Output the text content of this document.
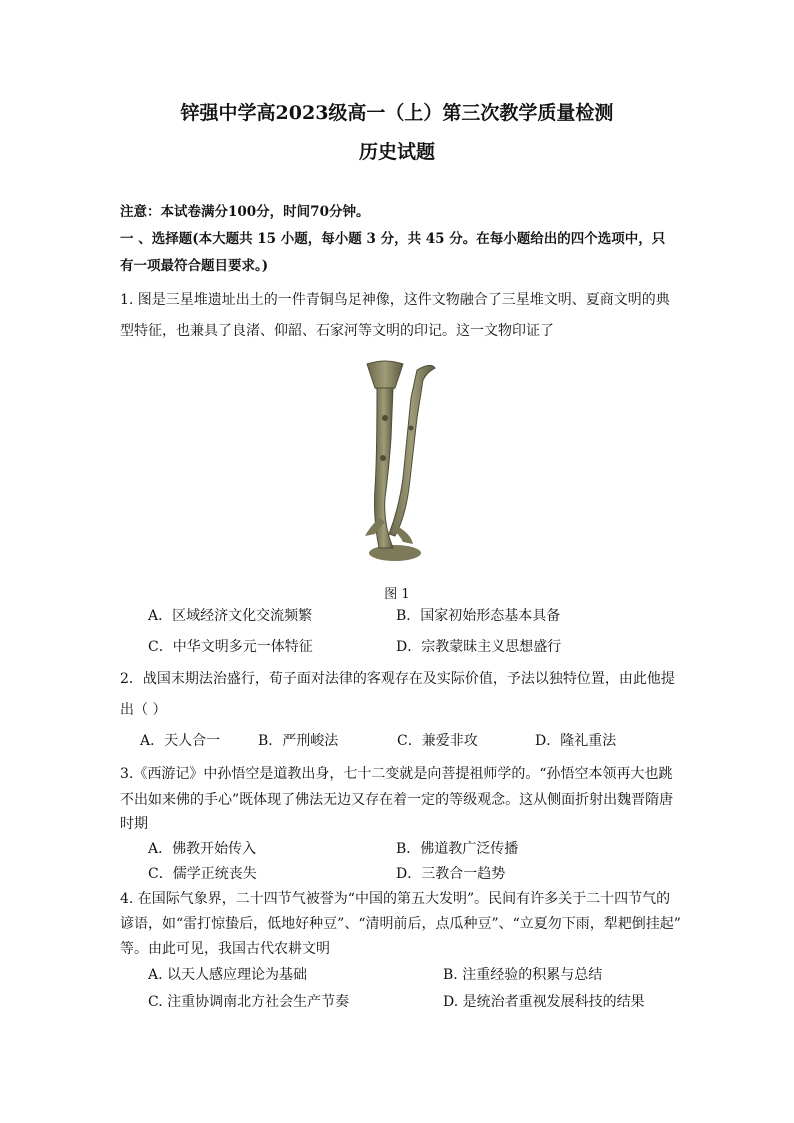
锌强中学高2023级高一（上）第三次教学质量检测
历史试题
注意：本试卷满分100分，时间70分钟。
一 、选择题(本大题共 15 小题，每小题 3 分，共 45 分。在每小题给出的四个选项中，只
有一项最符合题目要求。)
1. 图是三星堆遗址出土的一件青铜鸟足神像，这件文物融合了三星堆文明、夏商文明的典
型特征，也兼具了良渚、仰韶、石家河等文明的印记。这一文物印证了
图 1
A．区域经济文化交流频繁	B．国家初始形态基本具备
C．中华文明多元一体特征	D．宗教蒙昧主义思想盛行
2．战国末期法治盛行，荀子面对法律的客观存在及实际价值，予法以独特位置，由此他提
出（ ）
A．天人合一	B．严刑峻法	C．兼爱非攻	D．隆礼重法
3.《西游记》中孙悟空是道教出身，七十二变就是向菩提祖师学的。“孙悟空本领再大也跳
不出如来佛的手心”既体现了佛法无边又存在着一定的等级观念。这从侧面折射出魏晋隋唐
时期
A．佛教开始传入	B．佛道教广泛传播
C．儒学正统丧失	D．三教合一趋势
4. 在国际气象界，二十四节气被誉为“中国的第五大发明”。民间有许多关于二十四节气的
谚语，如“雷打惊蛰后，低地好种豆”、“清明前后，点瓜种豆”、“立夏勿下雨，犁耙倒挂起”
等。由此可见，我国古代农耕文明
A. 以天人感应理论为基础	B. 注重经验的积累与总结
C. 注重协调南北方社会生产节奏	D. 是统治者重视发展科技的结果
